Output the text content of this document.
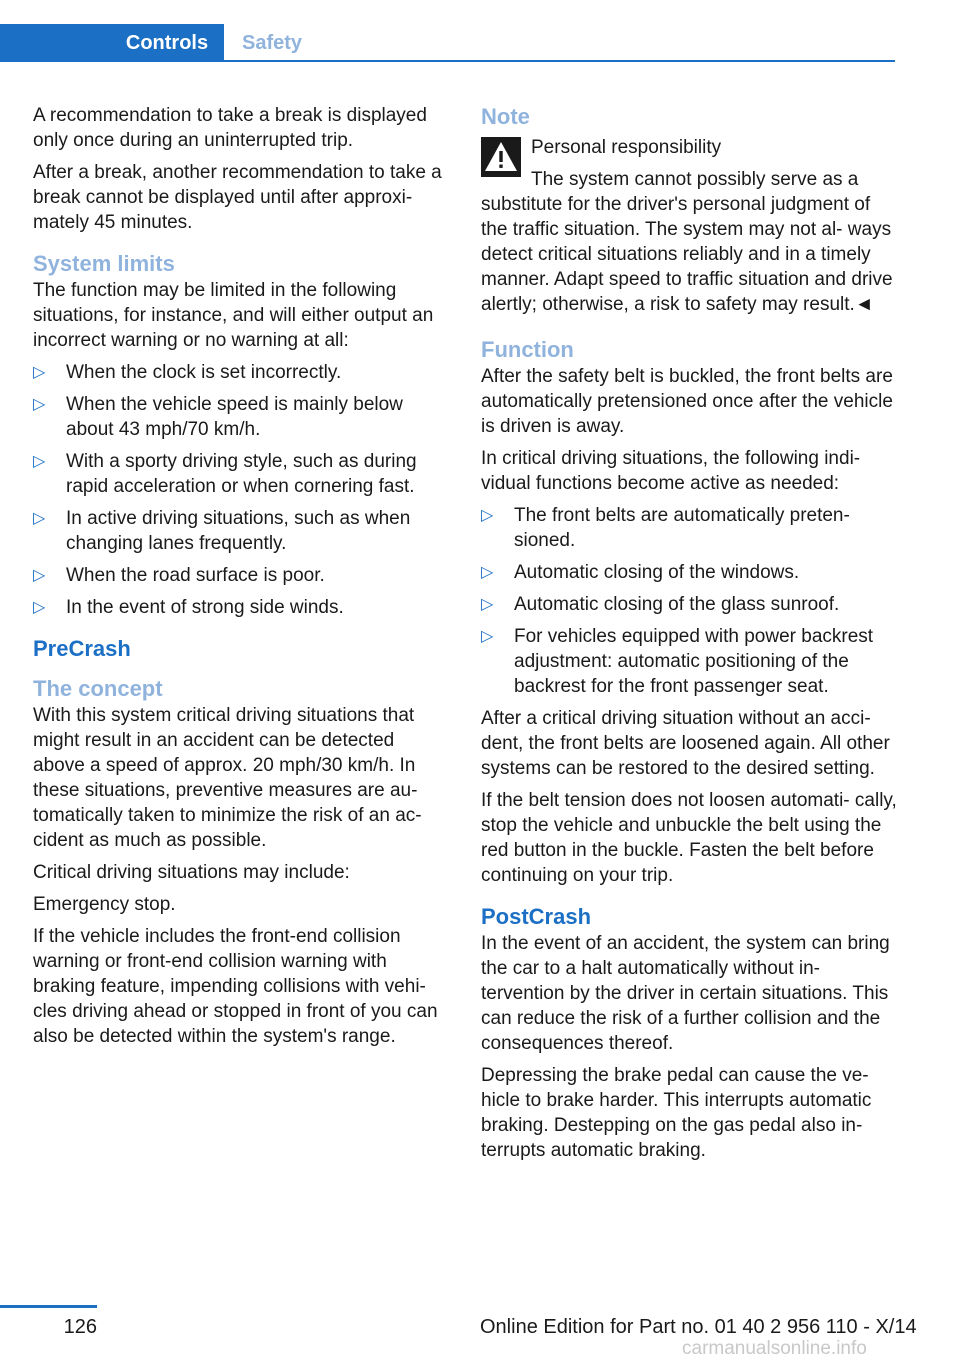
Controls	Safety

A recommendation to take a break is displayed only once during an uninterrupted trip.

After a break, another recommendation to take a break cannot be displayed until after approxi- mately 45 minutes.

System limits

The function may be limited in the following situations, for instance, and will either output an incorrect warning or no warning at all:

▷ When the clock is set incorrectly.
▷ When the vehicle speed is mainly below about 43 mph/70 km/h.
▷ With a sporty driving style, such as during rapid acceleration or when cornering fast.
▷ In active driving situations, such as when changing lanes frequently.
▷ When the road surface is poor.
▷ In the event of strong side winds.
PreCrash
The concept

With this system critical driving situations that might result in an accident can be detected above a speed of approx. 20 mph/30 km/h. In these situations, preventive measures are au- tomatically taken to minimize the risk of an ac- cident as much as possible.

Critical driving situations may include:

Emergency stop.

If the vehicle includes the front-end collision warning or front-end collision warning with braking feature, impending collisions with vehi- cles driving ahead or stopped in front of you can also be detected within the system's range.

Note

Personal responsibility

The system cannot possibly serve as a substitute for the driver's personal judgment of the traffic situation. The system may not al- ways detect critical situations reliably and in a timely manner. Adapt speed to traffic situation and drive alertly; otherwise, a risk to safety may result.◄

Function

After the safety belt is buckled, the front belts are automatically pretensioned once after the vehicle is driven is away.

In critical driving situations, the following indi- vidual functions become active as needed:

▷ The front belts are automatically preten- sioned.
▷ Automatic closing of the windows.
▷ Automatic closing of the glass sunroof.
▷ For vehicles equipped with power backrest adjustment: automatic positioning of the backrest for the front passenger seat.

After a critical driving situation without an acci- dent, the front belts are loosened again. All other systems can be restored to the desired setting.

If the belt tension does not loosen automati- cally, stop the vehicle and unbuckle the belt using the red button in the buckle. Fasten the belt before continuing on your trip.

PostCrash

In the event of an accident, the system can bring the car to a halt automatically without in- tervention by the driver in certain situations. This can reduce the risk of a further collision and the consequences thereof.

Depressing the brake pedal can cause the ve- hicle to brake harder. This interrupts automatic braking. Destepping on the gas pedal also in- terrupts automatic braking.

126	Online Edition for Part no. 01 40 2 956 110 - X/14
carmanualsonline.info
